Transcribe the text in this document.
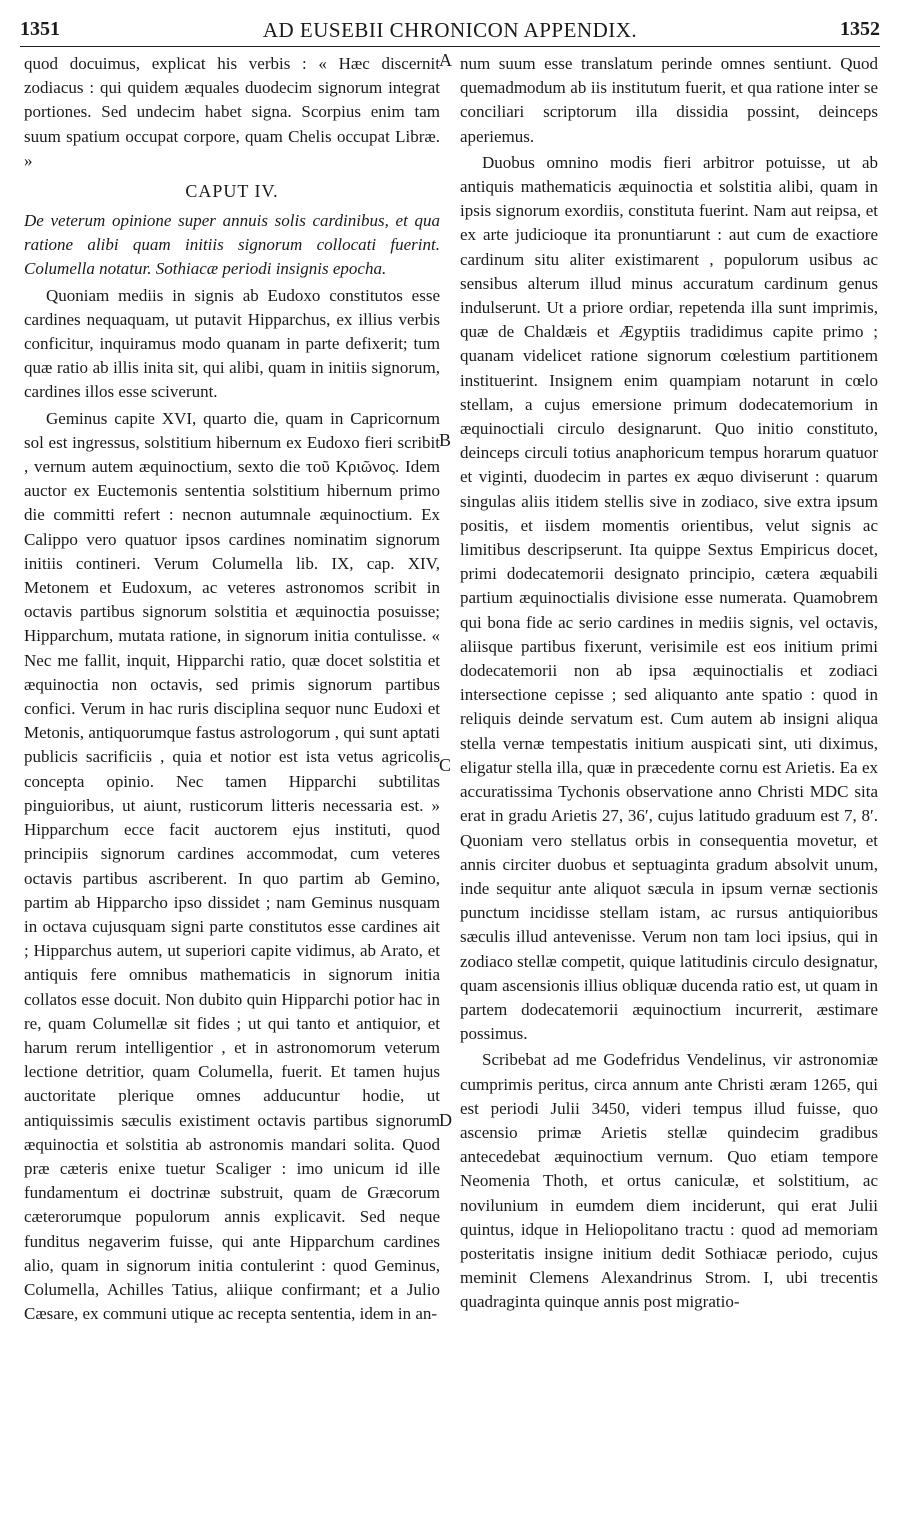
1351	AD EUSEBII CHRONICON APPENDIX.	1352
A
B
C
D

quod docuimus, explicat his verbis : « Hæc discernit zodiacus : qui quidem æquales duodecim signorum integrat portiones. Sed undecim habet signa. Scorpius enim tam suum spatium occupat corpore, quam Chelis occupat Libræ. »

CAPUT IV.

De veterum opinione super annuis solis cardinibus, et qua ratione alibi quam initiis signorum collocati fuerint. Columella notatur. Sothiacæ periodi insignis epocha.

Quoniam mediis in signis ab Eudoxo constitutos esse cardines nequaquam, ut putavit Hipparchus, ex illius verbis conficitur, inquiramus modo quanam in parte defixerit; tum quæ ratio ab illis inita sit, qui alibi, quam in initiis signorum, cardines illos esse sciverunt.

Geminus capite XVI, quarto die, quam in Capricornum sol est ingressus, solstitium hibernum ex Eudoxo fieri scribit , vernum autem æquinoctium, sexto die τοῦ Κριῶνος. Idem auctor ex Euctemonis sententia solstitium hibernum primo die committi refert : necnon autumnale æquinoctium. Ex Calippo vero quatuor ipsos cardines nominatim signorum initiis contineri. Verum Columella lib. IX, cap. XIV, Metonem et Eudoxum, ac veteres astronomos scribit in octavis partibus signorum solstitia et æquinoctia posuisse; Hipparchum, mutata ratione, in signorum initia contulisse. « Nec me fallit, inquit, Hipparchi ratio, quæ docet solstitia et æquinoctia non octavis, sed primis signorum partibus confici. Verum in hac ruris disciplina sequor nunc Eudoxi et Metonis, antiquorumque fastus astrologorum , qui sunt aptati publicis sacrificiis , quia et notior est ista vetus agricolis concepta opinio. Nec tamen Hipparchi subtilitas pinguioribus, ut aiunt, rusticorum litteris necessaria est. » Hipparchum ecce facit auctorem ejus instituti, quod principiis signorum cardines accommodat, cum veteres octavis partibus ascriberent. In quo partim ab Gemino, partim ab Hipparcho ipso dissidet ; nam Geminus nusquam in octava cujusquam signi parte constitutos esse cardines ait ; Hipparchus autem, ut superiori capite vidimus, ab Arato, et antiquis fere omnibus mathematicis in signorum initia collatos esse docuit. Non dubito quin Hipparchi potior hac in re, quam Columellæ sit fides ; ut qui tanto et antiquior, et harum rerum intelligentior , et in astronomorum veterum lectione detritior, quam Columella, fuerit. Et tamen hujus auctoritate plerique omnes adducuntur hodie, ut antiquissimis sæculis existiment octavis partibus signorum æquinoctia et solstitia ab astronomis mandari solita. Quod præ cæteris enixe tuetur Scaliger : imo unicum id ille fundamentum ei doctrinæ substruit, quam de Græcorum cæterorumque populorum annis explicavit. Sed neque funditus negaverim fuisse, qui ante Hipparchum cardines alio, quam in signorum initia contulerint : quod Geminus, Columella, Achilles Tatius, aliique confirmant; et a Julio Cæsare, ex communi utique ac recepta sententia, idem in an-

num suum esse translatum perinde omnes sentiunt. Quod quemadmodum ab iis institutum fuerit, et qua ratione inter se conciliari scriptorum illa dissidia possint, deinceps aperiemus.

Duobus omnino modis fieri arbitror potuisse, ut ab antiquis mathematicis æquinoctia et solstitia alibi, quam in ipsis signorum exordiis, constituta fuerint. Nam aut reipsa, et ex arte judicioque ita pronuntiarunt : aut cum de exactiore cardinum situ aliter existimarent , populorum usibus ac sensibus alterum illud minus accuratum cardinum genus indulserunt. Ut a priore ordiar, repetenda illa sunt imprimis, quæ de Chaldæis et Ægyptiis tradidimus capite primo ; quanam videlicet ratione signorum cœlestium partitionem instituerint. Insignem enim quampiam notarunt in cœlo stellam, a cujus emersione primum dodecatemorium in æquinoctiali circulo designarunt. Quo initio constituto, deinceps circuli totius anaphoricum tempus horarum quatuor et viginti, duodecim in partes ex æquo diviserunt : quarum singulas aliis itidem stellis sive in zodiaco, sive extra ipsum positis, et iisdem momentis orientibus, velut signis ac limitibus descripserunt. Ita quippe Sextus Empiricus docet, primi dodecatemorii designato principio, cætera æquabili partium æquinoctialis divisione esse numerata. Quamobrem qui bona fide ac serio cardines in mediis signis, vel octavis, aliisque partibus fixerunt, verisimile est eos initium primi dodecatemorii non ab ipsa æquinoctialis et zodiaci intersectione cepisse ; sed aliquanto ante spatio : quod in reliquis deinde servatum est. Cum autem ab insigni aliqua stella vernæ tempestatis initium auspicati sint, uti diximus, eligatur stella illa, quæ in præcedente cornu est Arietis. Ea ex accuratissima Tychonis observatione anno Christi MDC sita erat in gradu Arietis 27, 36′, cujus latitudo graduum est 7, 8′. Quoniam vero stellatus orbis in consequentia movetur, et annis circiter duobus et septuaginta gradum absolvit unum, inde sequitur ante aliquot sæcula in ipsum vernæ sectionis punctum incidisse stellam istam, ac rursus antiquioribus sæculis illud antevenisse. Verum non tam loci ipsius, qui in zodiaco stellæ competit, quique latitudinis circulo designatur, quam ascensionis illius obliquæ ducenda ratio est, ut quam in partem dodecatemorii æquinoctium incurrerit, æstimare possimus.

Scribebat ad me Godefridus Vendelinus, vir astronomiæ cumprimis peritus, circa annum ante Christi æram 1265, qui est periodi Julii 3450, videri tempus illud fuisse, quo ascensio primæ Arietis stellæ quindecim gradibus antecedebat æquinoctium vernum. Quo etiam tempore Neomenia Thoth, et ortus caniculæ, et solstitium, ac novilunium in eumdem diem inciderunt, qui erat Julii quintus, idque in Heliopolitano tractu : quod ad memoriam posteritatis insigne initium dedit Sothiacæ periodo, cujus meminit Clemens Alexandrinus Strom. I, ubi trecentis quadraginta quinque annis post migratio-
